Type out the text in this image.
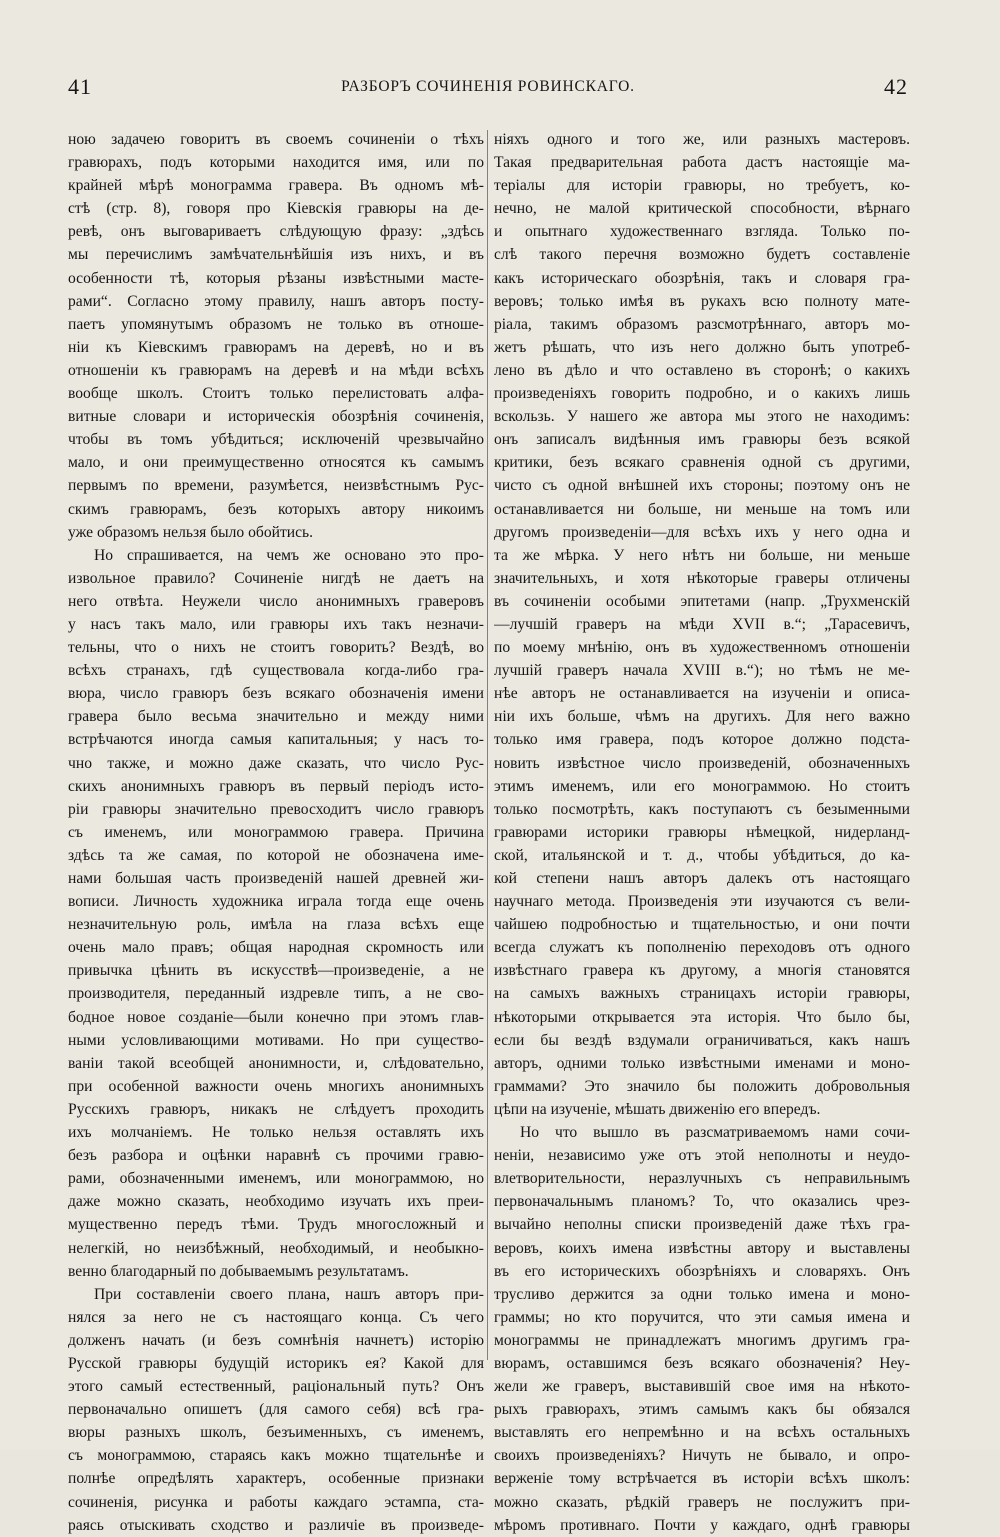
41	РАЗБОРЪ СОЧИНЕНІЯ РОВИНСКАГО.	42
ною задачею говоритъ въ своемъ сочиненіи о тѣхъ
гравюрахъ, подъ которыми находится имя, или по
крайней мѣрѣ монограмма гравера. Въ одномъ мѣ-
стѣ (стр. 8), говоря про Кіевскія гравюры на де-
ревѣ, онъ выговариваетъ слѣдующую фразу: „здѣсь
мы перечислимъ замѣчательнѣйшія изъ нихъ, и въ
особенности тѣ, которыя рѣзаны извѣстными масте-
рами“. Согласно этому правилу, нашъ авторъ посту-
паетъ упомянутымъ образомъ не только въ отноше-
ніи къ Кіевскимъ гравюрамъ на деревѣ, но и въ
отношеніи къ гравюрамъ на деревѣ и на мѣди всѣхъ
вообще школъ. Стоитъ только перелистовать алфа-
витные словари и историческія обозрѣнія сочиненія,
чтобы въ томъ убѣдиться; исключеній чрезвычайно
мало, и они преимущественно относятся къ самымъ
первымъ по времени, разумѣется, неизвѣстнымъ Рус-
скимъ гравюрамъ, безъ которыхъ автору никоимъ
уже образомъ нельзя было обойтись.
Но спрашивается, на чемъ же основано это про-
извольное правило? Сочиненіе нигдѣ не даетъ на
него отвѣта. Неужели число анонимныхъ граверовъ
у насъ такъ мало, или гравюры ихъ такъ незначи-
тельны, что о нихъ не стоитъ говорить? Вездѣ, во
всѣхъ странахъ, гдѣ существовала когда-либо гра-
вюра, число гравюръ безъ всякаго обозначенія имени
гравера было весьма значительно и между ними
встрѣчаются иногда самыя капитальныя; у насъ то-
чно также, и можно даже сказать, что число Рус-
скихъ анонимныхъ гравюръ въ первый періодъ исто-
ріи гравюры значительно превосходитъ число гравюръ
съ именемъ, или монограммою гравера. Причина
здѣсь та же самая, по которой не обозначена име-
нами большая часть произведеній нашей древней жи-
вописи. Личность художника играла тогда еще очень
незначительную роль, имѣла на глаза всѣхъ еще
очень мало правъ; общая народная скромность или
привычка цѣнить въ искусствѣ—произведеніе, а не
производителя, переданный издревле типъ, а не сво-
бодное новое созданіе—были конечно при этомъ глав-
ными условливающими мотивами. Но при существо-
ваніи такой всеобщей анонимности, и, слѣдовательно,
при особенной важности очень многихъ анонимныхъ
Русскихъ гравюръ, никакъ не слѣдуетъ проходить
ихъ молчаніемъ. Не только нельзя оставлять ихъ
безъ разбора и оцѣнки наравнѣ съ прочими гравю-
рами, обозначенными именемъ, или монограммою, но
даже можно сказать, необходимо изучать ихъ преи-
мущественно передъ тѣми. Трудъ многосложный и
нелегкій, но неизбѣжный, необходимый, и необыкно-
венно благодарный по добываемымъ результатамъ.
При составленіи своего плана, нашъ авторъ при-
нялся за него не съ настоящаго конца. Съ чего
долженъ начать (и безъ сомнѣнія начнетъ) исторію
Русской гравюры будущій историкъ ея? Какой для
этого самый естественный, раціональный путь? Онъ
первоначально опишетъ (для самого себя) всѣ гра-
вюры разныхъ школъ, безъименныхъ, съ именемъ,
съ монограммою, стараясь какъ можно тщательнѣе и
полнѣе опредѣлять характеръ, особенные признаки
сочиненія, рисунка и работы каждаго эстампа, ста-
раясь отыскивать сходство и различіе въ произведе-
ніяхъ одного и того же, или разныхъ мастеровъ.
Такая предварительная работа дастъ настоящіе ма-
теріалы для исторіи гравюры, но требуетъ, ко-
нечно, не малой критической способности, вѣрнаго
и опытнаго художественнаго взгляда. Только по-
слѣ такого перечня возможно будетъ составленіе
какъ историческаго обозрѣнія, такъ и словаря гра-
веровъ; только имѣя въ рукахъ всю полноту мате-
ріала, такимъ образомъ разсмотрѣннаго, авторъ мо-
жетъ рѣшать, что изъ него должно быть употреб-
лено въ дѣло и что оставлено въ сторонѣ; о какихъ
произведеніяхъ говорить подробно, и о какихъ лишь
вскользь. У нашего же автора мы этого не находимъ:
онъ записалъ видѣнныя имъ гравюры безъ всякой
критики, безъ всякаго сравненія одной съ другими,
чисто съ одной внѣшней ихъ стороны; поэтому онъ не
останавливается ни больше, ни меньше на томъ или
другомъ произведеніи—для всѣхъ ихъ у него одна и
та же мѣрка. У него нѣтъ ни больше, ни меньше
значительныхъ, и хотя нѣкоторые граверы отличены
въ сочиненіи особыми эпитетами (напр. „Трухменскій
—лучшій граверъ на мѣди XVII в.“; „Тарасевичъ,
по моему мнѣнію, онъ въ художественномъ отношеніи
лучшій граверъ начала XVIII в.“); но тѣмъ не ме-
нѣе авторъ не останавливается на изученіи и описа-
ніи ихъ больше, чѣмъ на другихъ. Для него важно
только имя гравера, подъ которое должно подста-
новить извѣстное число произведеній, обозначенныхъ
этимъ именемъ, или его монограммою. Но стоитъ
только посмотрѣть, какъ поступаютъ съ безыменными
гравюрами историки гравюры нѣмецкой, нидерланд-
ской, итальянской и т. д., чтобы убѣдиться, до ка-
кой степени нашъ авторъ далекъ отъ настоящаго
научнаго метода. Произведенія эти изучаются съ вели-
чайшею подробностью и тщательностью, и они почти
всегда служатъ къ пополненію переходовъ отъ одного
извѣстнаго гравера къ другому, а многія становятся
на самыхъ важныхъ страницахъ исторіи гравюры,
нѣкоторыми открывается эта исторія. Что было бы,
если бы вездѣ вздумали ограничиваться, какъ нашъ
авторъ, одними только извѣстными именами и моно-
граммами? Это значило бы положить добровольныя
цѣпи на изученіе, мѣшать движенію его впередъ.
Но что вышло въ разсматриваемомъ нами сочи-
неніи, независимо уже отъ этой неполноты и неудо-
влетворительности, неразлучныхъ съ неправильнымъ
первоначальнымъ планомъ? То, что оказались чрез-
вычайно неполны списки произведеній даже тѣхъ гра-
веровъ, коихъ имена извѣстны автору и выставлены
въ его историческихъ обозрѣніяхъ и словаряхъ. Онъ
трусливо держится за одни только имена и моно-
граммы; но кто поручится, что эти самыя имена и
монограммы не принадлежатъ многимъ другимъ гра-
вюрамъ, оставшимся безъ всякаго обозначенія? Неу-
жели же граверъ, выставившій свое имя на нѣкото-
рыхъ гравюрахъ, этимъ самымъ какъ бы обязался
выставлять его непремѣнно и на всѣхъ остальныхъ
своихъ произведеніяхъ? Ничуть не бывало, и опро-
верженіе тому встрѣчается въ исторіи всѣхъ школъ:
можно сказать, рѣдкій граверъ не послужитъ при-
мѣромъ противнаго. Почти у каждаго, однѣ гравюры
